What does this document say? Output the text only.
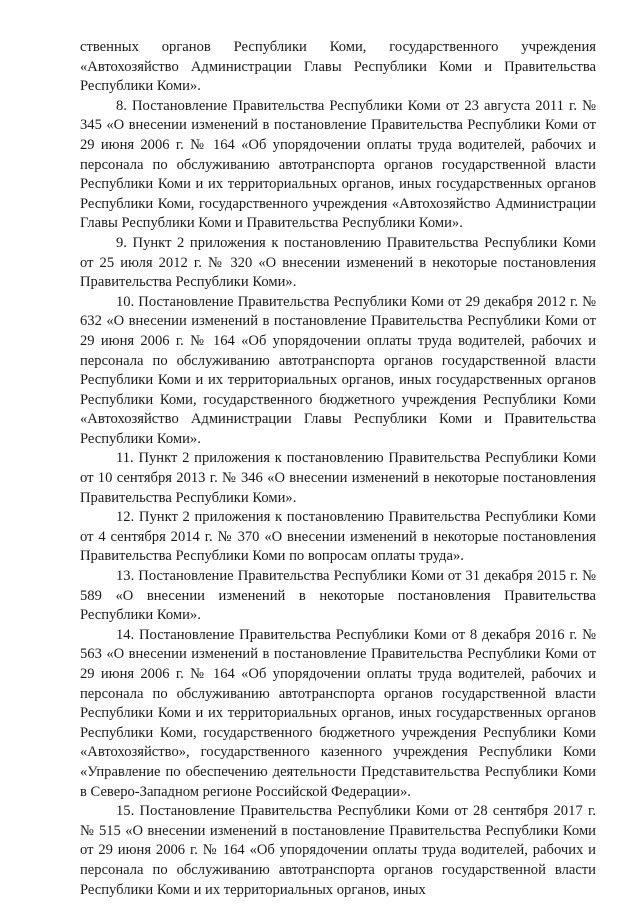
ственных органов Республики Коми, государственного учреждения «Автохозяйство Администрации Главы Республики Коми и Правительства Республики Коми».

8. Постановление Правительства Республики Коми от 23 августа 2011 г. № 345 «О внесении изменений в постановление Правительства Республики Коми от 29 июня 2006 г. № 164 «Об упорядочении оплаты труда водителей, рабочих и персонала по обслуживанию автотранспорта органов государственной власти Республики Коми и их территориальных органов, иных государственных органов Республики Коми, государственного учреждения «Автохозяйство Администрации Главы Республики Коми и Правительства Республики Коми».

9. Пункт 2 приложения к постановлению Правительства Республики Коми от 25 июля 2012 г. № 320 «О внесении изменений в некоторые постановления Правительства Республики Коми».

10. Постановление Правительства Республики Коми от 29 декабря 2012 г. № 632 «О внесении изменений в постановление Правительства Республики Коми от 29 июня 2006 г. № 164 «Об упорядочении оплаты труда водителей, рабочих и персонала по обслуживанию автотранспорта органов государственной власти Республики Коми и их территориальных органов, иных государственных органов Республики Коми, государственного бюджетного учреждения Республики Коми «Автохозяйство Администрации Главы Республики Коми и Правительства Республики Коми».

11. Пункт 2 приложения к постановлению Правительства Республики Коми от 10 сентября 2013 г. № 346 «О внесении изменений в некоторые постановления Правительства Республики Коми».

12. Пункт 2 приложения к постановлению Правительства Республики Коми от 4 сентября 2014 г. № 370 «О внесении изменений в некоторые постановления Правительства Республики Коми по вопросам оплаты труда».

13. Постановление Правительства Республики Коми от 31 декабря 2015 г. № 589 «О внесении изменений в некоторые постановления Правительства Республики Коми».

14. Постановление Правительства Республики Коми от 8 декабря 2016 г. № 563 «О внесении изменений в постановление Правительства Республики Коми от 29 июня 2006 г. № 164 «Об упорядочении оплаты труда водителей, рабочих и персонала по обслуживанию автотранспорта органов государственной власти Республики Коми и их территориальных органов, иных государственных органов Республики Коми, государственного бюджетного учреждения Республики Коми «Автохозяйство», государственного казенного учреждения Республики Коми «Управление по обеспечению деятельности Представительства Республики Коми в Северо-Западном регионе Российской Федерации».

15. Постановление Правительства Республики Коми от 28 сентября 2017 г. № 515 «О внесении изменений в постановление Правительства Республики Коми от 29 июня 2006 г. № 164 «Об упорядочении оплаты труда водителей, рабочих и персонала по обслуживанию автотранспорта органов государственной власти Республики Коми и их территориальных органов, иных
